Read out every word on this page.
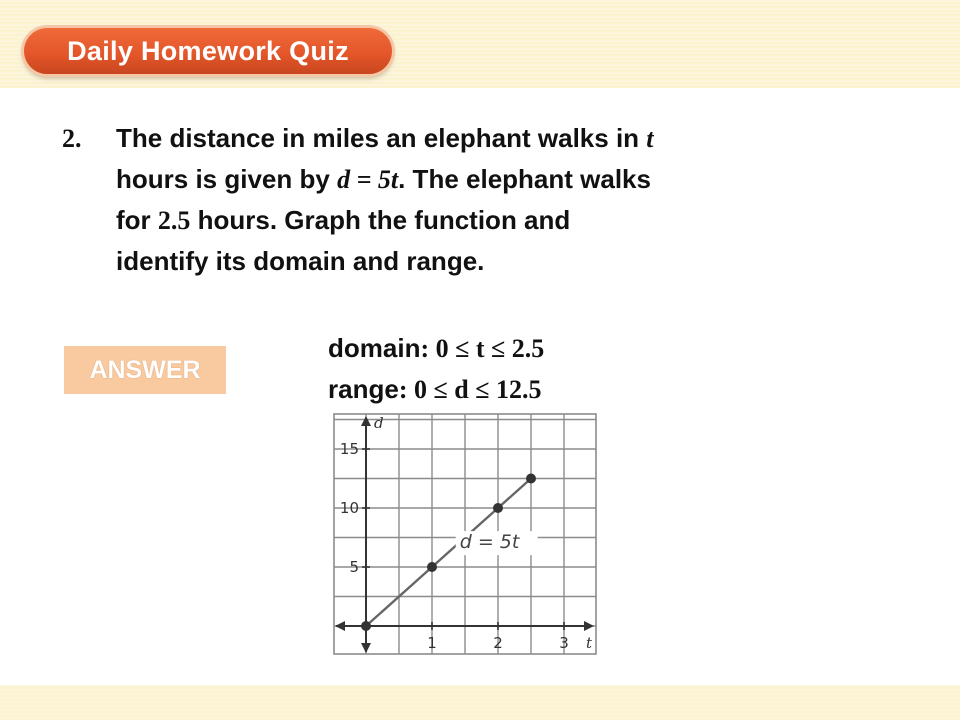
Daily Homework Quiz
2. The distance in miles an elephant walks in t
hours is given by d = 5t. The elephant walks
for 2.5 hours. Graph the function and
identify its domain and range.
ANSWER
domain: 0 ≤ t ≤ 2.5
range: 0 ≤ d ≤ 12.5
1	2	3
5
10
15
t
d
d = 5t
